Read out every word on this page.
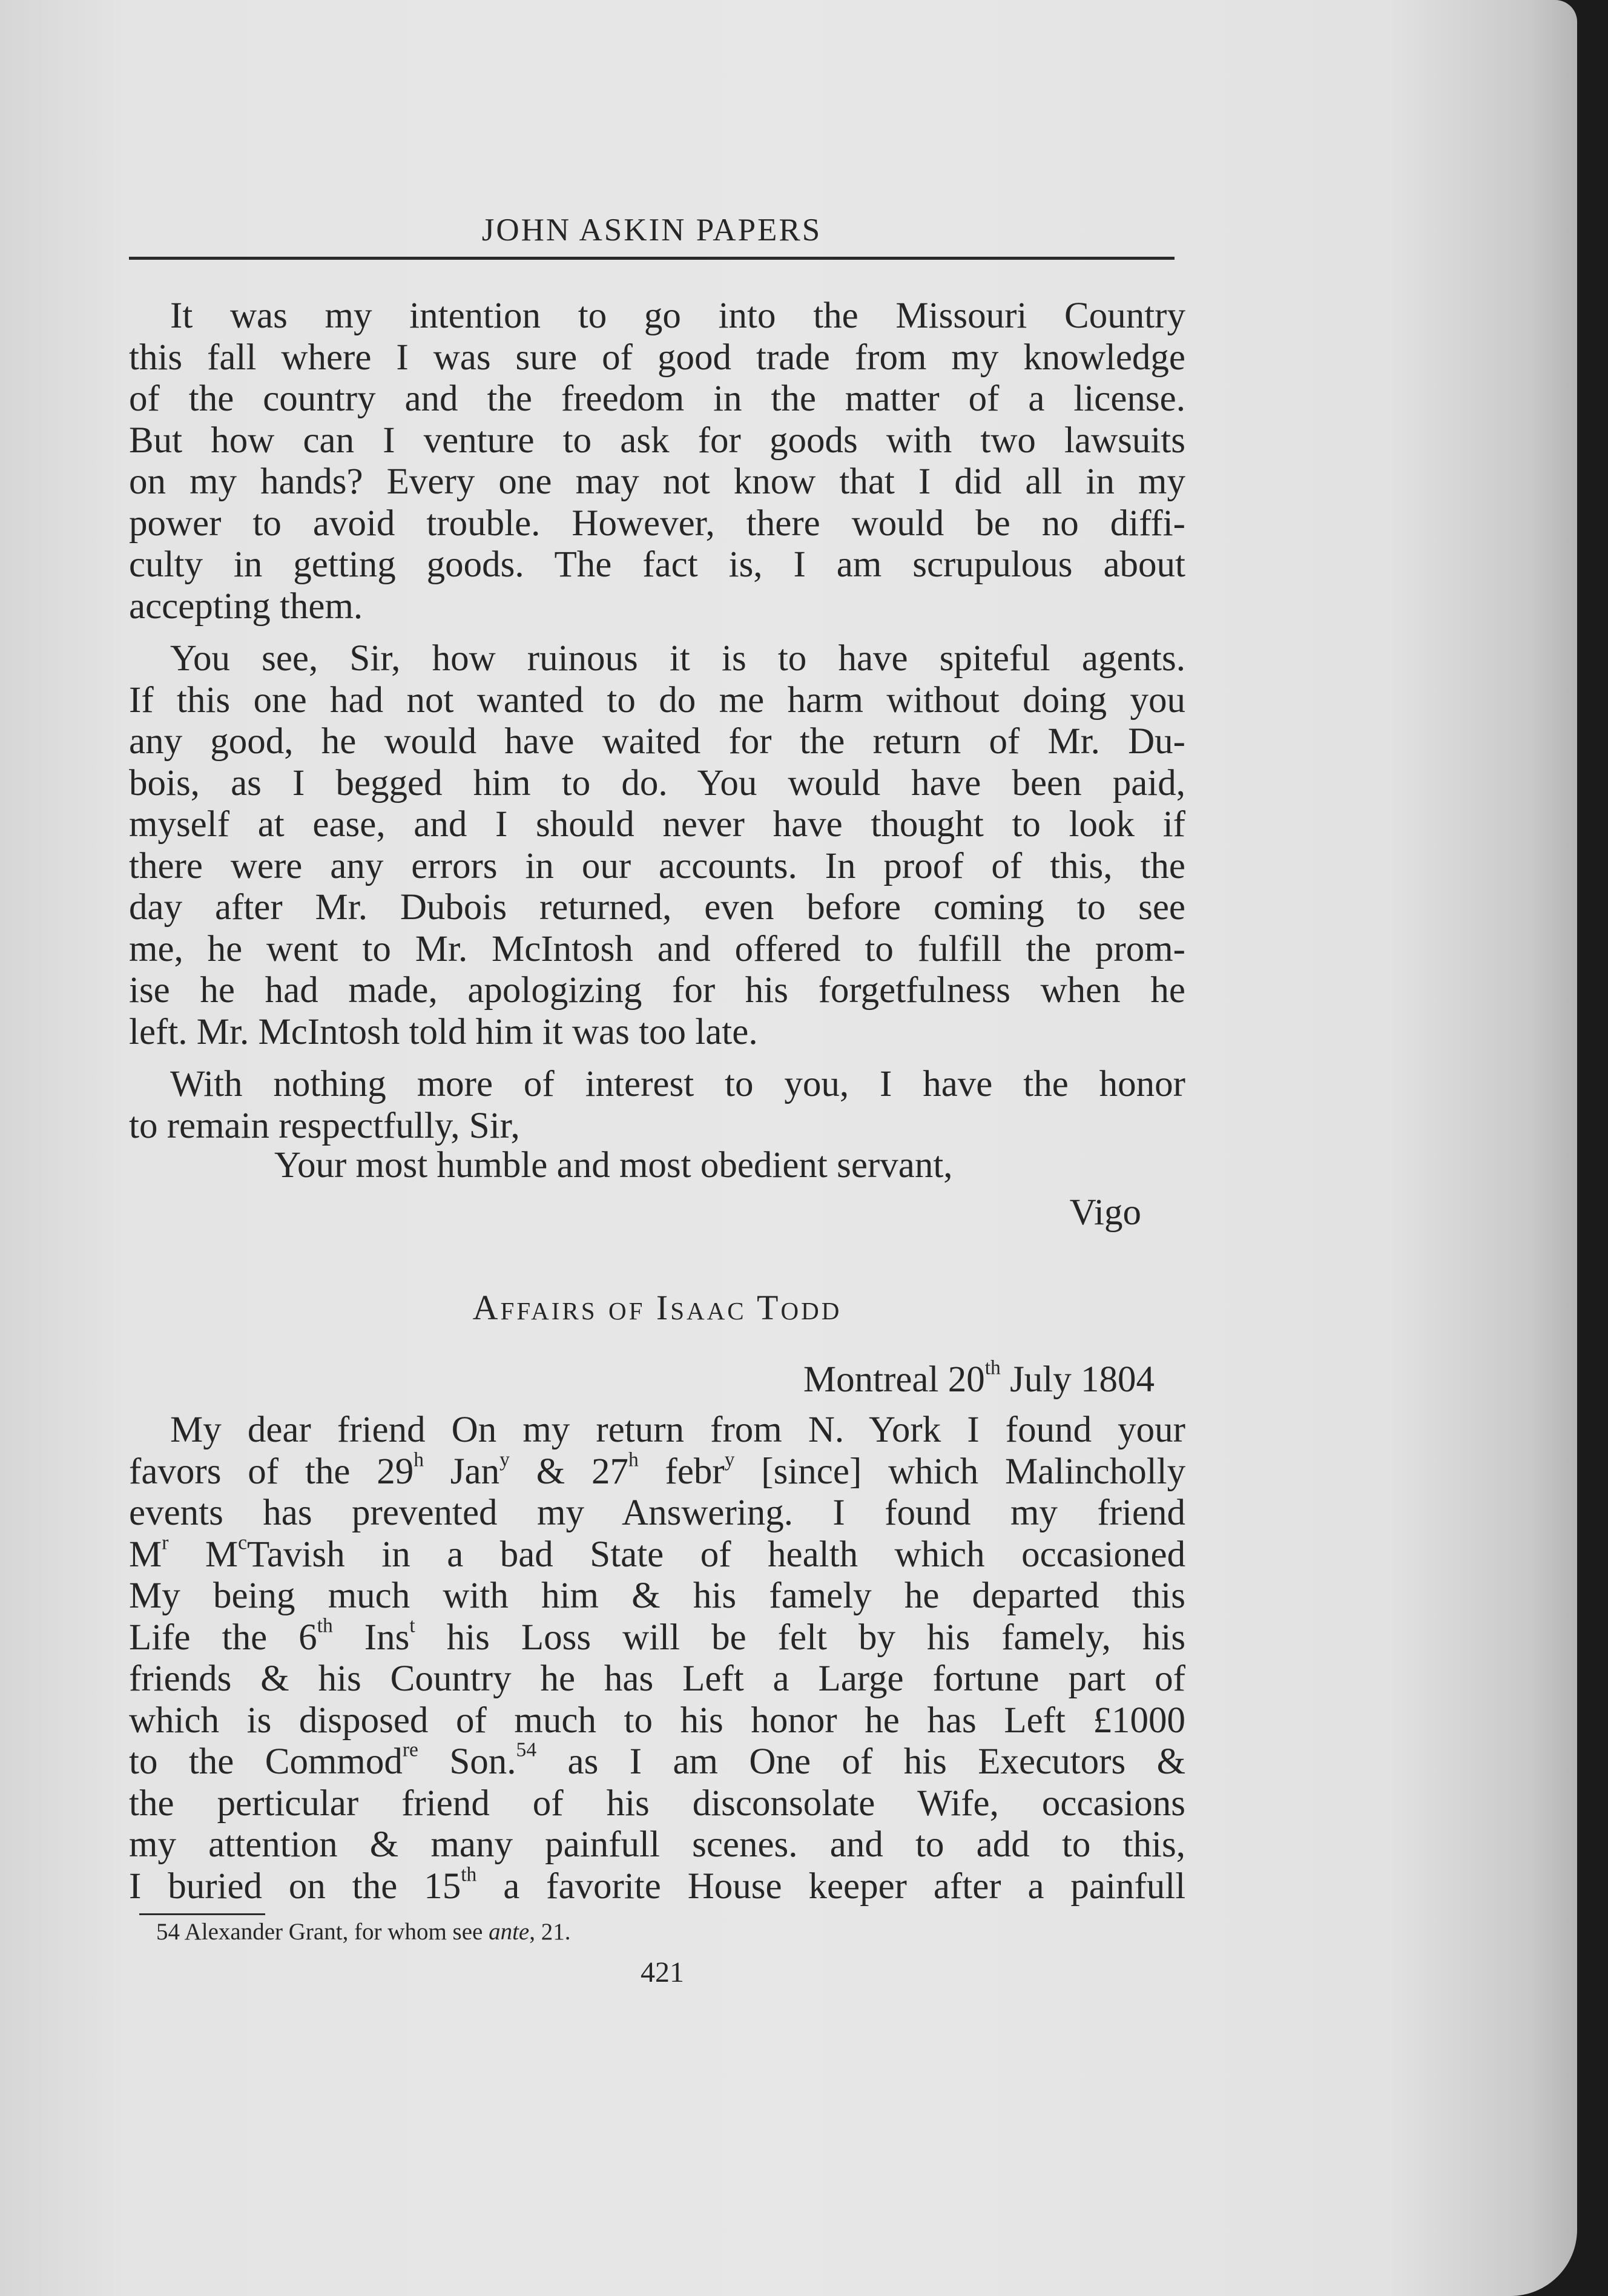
JOHN ASKIN PAPERS
It was my intention to go into the Missouri Country
this fall where I was sure of good trade from my knowledge
of the country and the freedom in the matter of a license.
But how can I venture to ask for goods with two lawsuits
on my hands? Every one may not know that I did all in my
power to avoid trouble. However, there would be no diffi-
culty in getting goods. The fact is, I am scrupulous about
accepting them.
You see, Sir, how ruinous it is to have spiteful agents.
If this one had not wanted to do me harm without doing you
any good, he would have waited for the return of Mr. Du-
bois, as I begged him to do. You would have been paid,
myself at ease, and I should never have thought to look if
there were any errors in our accounts. In proof of this, the
day after Mr. Dubois returned, even before coming to see
me, he went to Mr. McIntosh and offered to fulfill the prom-
ise he had made, apologizing for his forgetfulness when he
left. Mr. McIntosh told him it was too late.
With nothing more of interest to you, I have the honor
to remain respectfully, Sir,
Your most humble and most obedient servant,
Vigo
Affairs of Isaac Todd
Montreal 20th July 1804
My dear friend On my return from N. York I found your
favors of the 29$^h$ Jan$^y$ & 27$^h$ febr$^y$ [since] which Malincholly
events has prevented my Answering. I found my friend
$M^r$ $M^cTavish$ in a bad State of health which occasioned
My being much with him & his famely he departed this
Life the 6th Ins$^t$ his Loss will be felt by his famely, his
friends & his Country he has Left a Large fortune part of
which is disposed of much to his honor he has Left £1000
to the Commod$^{re}$ Son.$^{54}$ as I am One of his Executors &
the perticular friend of his disconsolate Wife, occasions
my attention & many painfull scenes. and to add to this,
I buried on the 15th a favorite House keeper after a painfull
54 Alexander Grant, for whom see ante, 21.
421
